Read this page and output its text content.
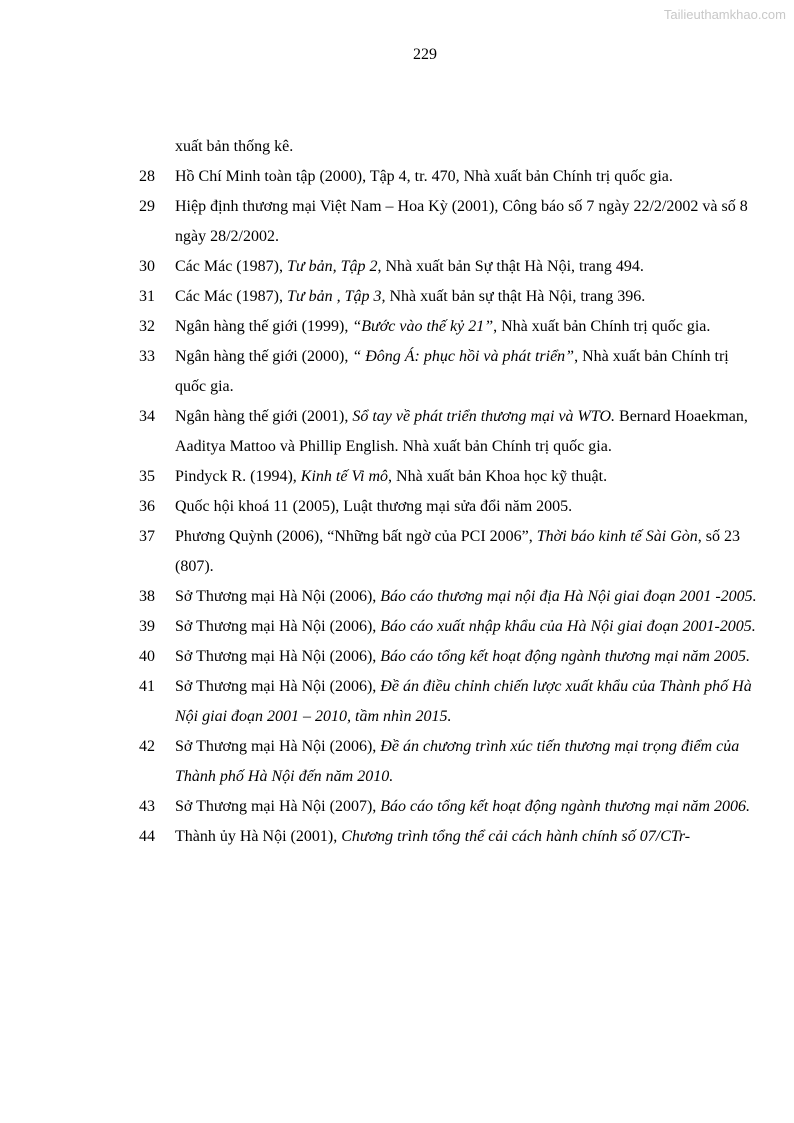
Tailieuthamkhao.com
229
xuất bản thống kê.
28	Hồ Chí Minh toàn tập (2000), Tập 4, tr. 470, Nhà xuất bản Chính trị quốc gia.
29	Hiệp định thương mại Việt Nam – Hoa Kỳ (2001), Công báo số 7 ngày 22/2/2002 và số 8 ngày 28/2/2002.
30	Các Mác (1987), Tư bản, Tập 2, Nhà xuất bản Sự thật Hà Nội, trang 494.
31	Các Mác (1987), Tư bản , Tập 3, Nhà xuất bản sự thật Hà Nội, trang 396.
32	Ngân hàng thế giới (1999), “Bước vào thế kỷ 21”, Nhà xuất bản Chính trị quốc gia.
33	Ngân hàng thế giới (2000), “ Đông Á: phục hồi và phát triển”, Nhà xuất bản Chính trị quốc gia.
34	Ngân hàng thế giới (2001), Sổ tay về phát triển thương mại và WTO. Bernard Hoaekman, Aaditya Mattoo và Phillip English. Nhà xuất bản Chính trị quốc gia.
35	Pindyck R. (1994), Kinh tế Vi mô, Nhà xuất bản Khoa học kỹ thuật.
36	Quốc hội khoá 11 (2005), Luật thương mại sửa đổi năm 2005.
37	Phương Quỳnh (2006), “Những bất ngờ của PCI 2006”, Thời báo kinh tế Sài Gòn, số 23 (807).
38	Sở Thương mại Hà Nội (2006), Báo cáo thương mại nội địa Hà Nội giai đoạn 2001 -2005.
39	Sở Thương mại Hà Nội (2006), Báo cáo xuất nhập khẩu của Hà Nội giai đoạn 2001-2005.
40	Sở Thương mại Hà Nội (2006), Báo cáo tổng kết hoạt động ngành thương mại năm 2005.
41	Sở Thương mại Hà Nội (2006), Đề án điều chỉnh chiến lược xuất khẩu của Thành phố Hà Nội giai đoạn 2001 – 2010, tầm nhìn 2015.
42	Sở Thương mại Hà Nội (2006), Đề án chương trình xúc tiến thương mại trọng điểm của Thành phố Hà Nội đến năm 2010.
43	Sở Thương mại Hà Nội (2007), Báo cáo tổng kết hoạt động ngành thương mại năm 2006.
44	Thành ủy Hà Nội (2001), Chương trình tổng thể cải cách hành chính số 07/CTr-
